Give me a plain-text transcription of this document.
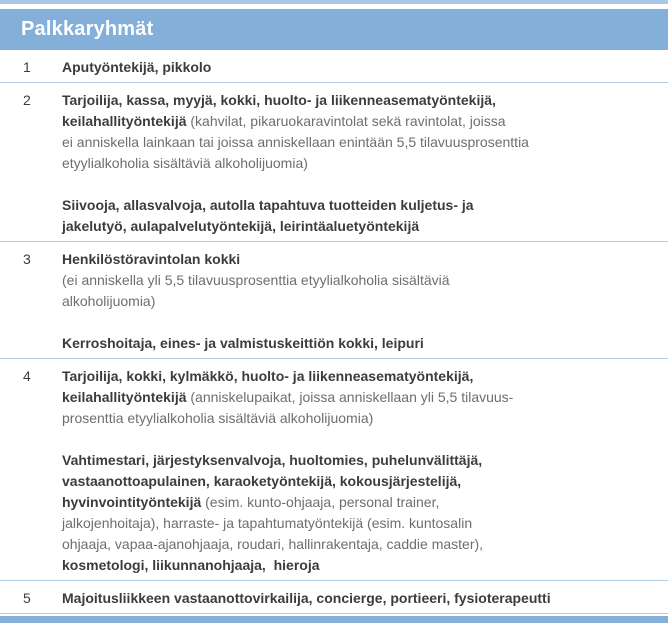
Palkkaryhmät
1	Aputyöntekijä, pikkolo

2	Tarjoilija, kassa, myyjä, kokki, huolto- ja liikenneasematyöntekijä,
keilahallityöntekijä (kahvilat, pikaruokaravintolat sekä ravintolat, joissa
ei anniskella lainkaan tai joissa anniskellaan enintään 5,5 tilavuusprosenttia
etyylialkoholia sisältäviä alkoholijuomia)

Siivooja, allasvalvoja, autolla tapahtuva tuotteiden kuljetus- ja
jakelutyö, aulapalvelutyöntekijä, leirintäaluetyöntekijä

3	Henkilöstöravintolan kokki
(ei anniskella yli 5,5 tilavuusprosenttia etyylialkoholia sisältäviä
alkoholijuomia)

Kerroshoitaja, eines- ja valmistuskeittiön kokki, leipuri

4	Tarjoilija, kokki, kylmäkkö, huolto- ja liikenneasematyöntekijä,
keilahallityöntekijä (anniskelupaikat, joissa anniskellaan yli 5,5 tilavuus-
prosenttia etyylialkoholia sisältäviä alkoholijuomia)

Vahtimestari, järjestyksenvalvoja, huoltomies, puhelunvälittäjä,
vastaanottoapulainen, karaoketyöntekijä, kokousjärjestelijä,
hyvinvointityöntekijä (esim. kunto-ohjaaja, personal trainer,
jalkojenhoitaja), harraste- ja tapahtumatyöntekijä (esim. kuntosalin
ohjaaja, vapaa-ajanohjaaja, roudari, hallinrakentaja, caddie master),
kosmetologi, liikunnanohjaaja,  hieroja

5	Majoitusliikkeen vastaanottovirkailija, concierge, portieeri, fysioterapeutti
